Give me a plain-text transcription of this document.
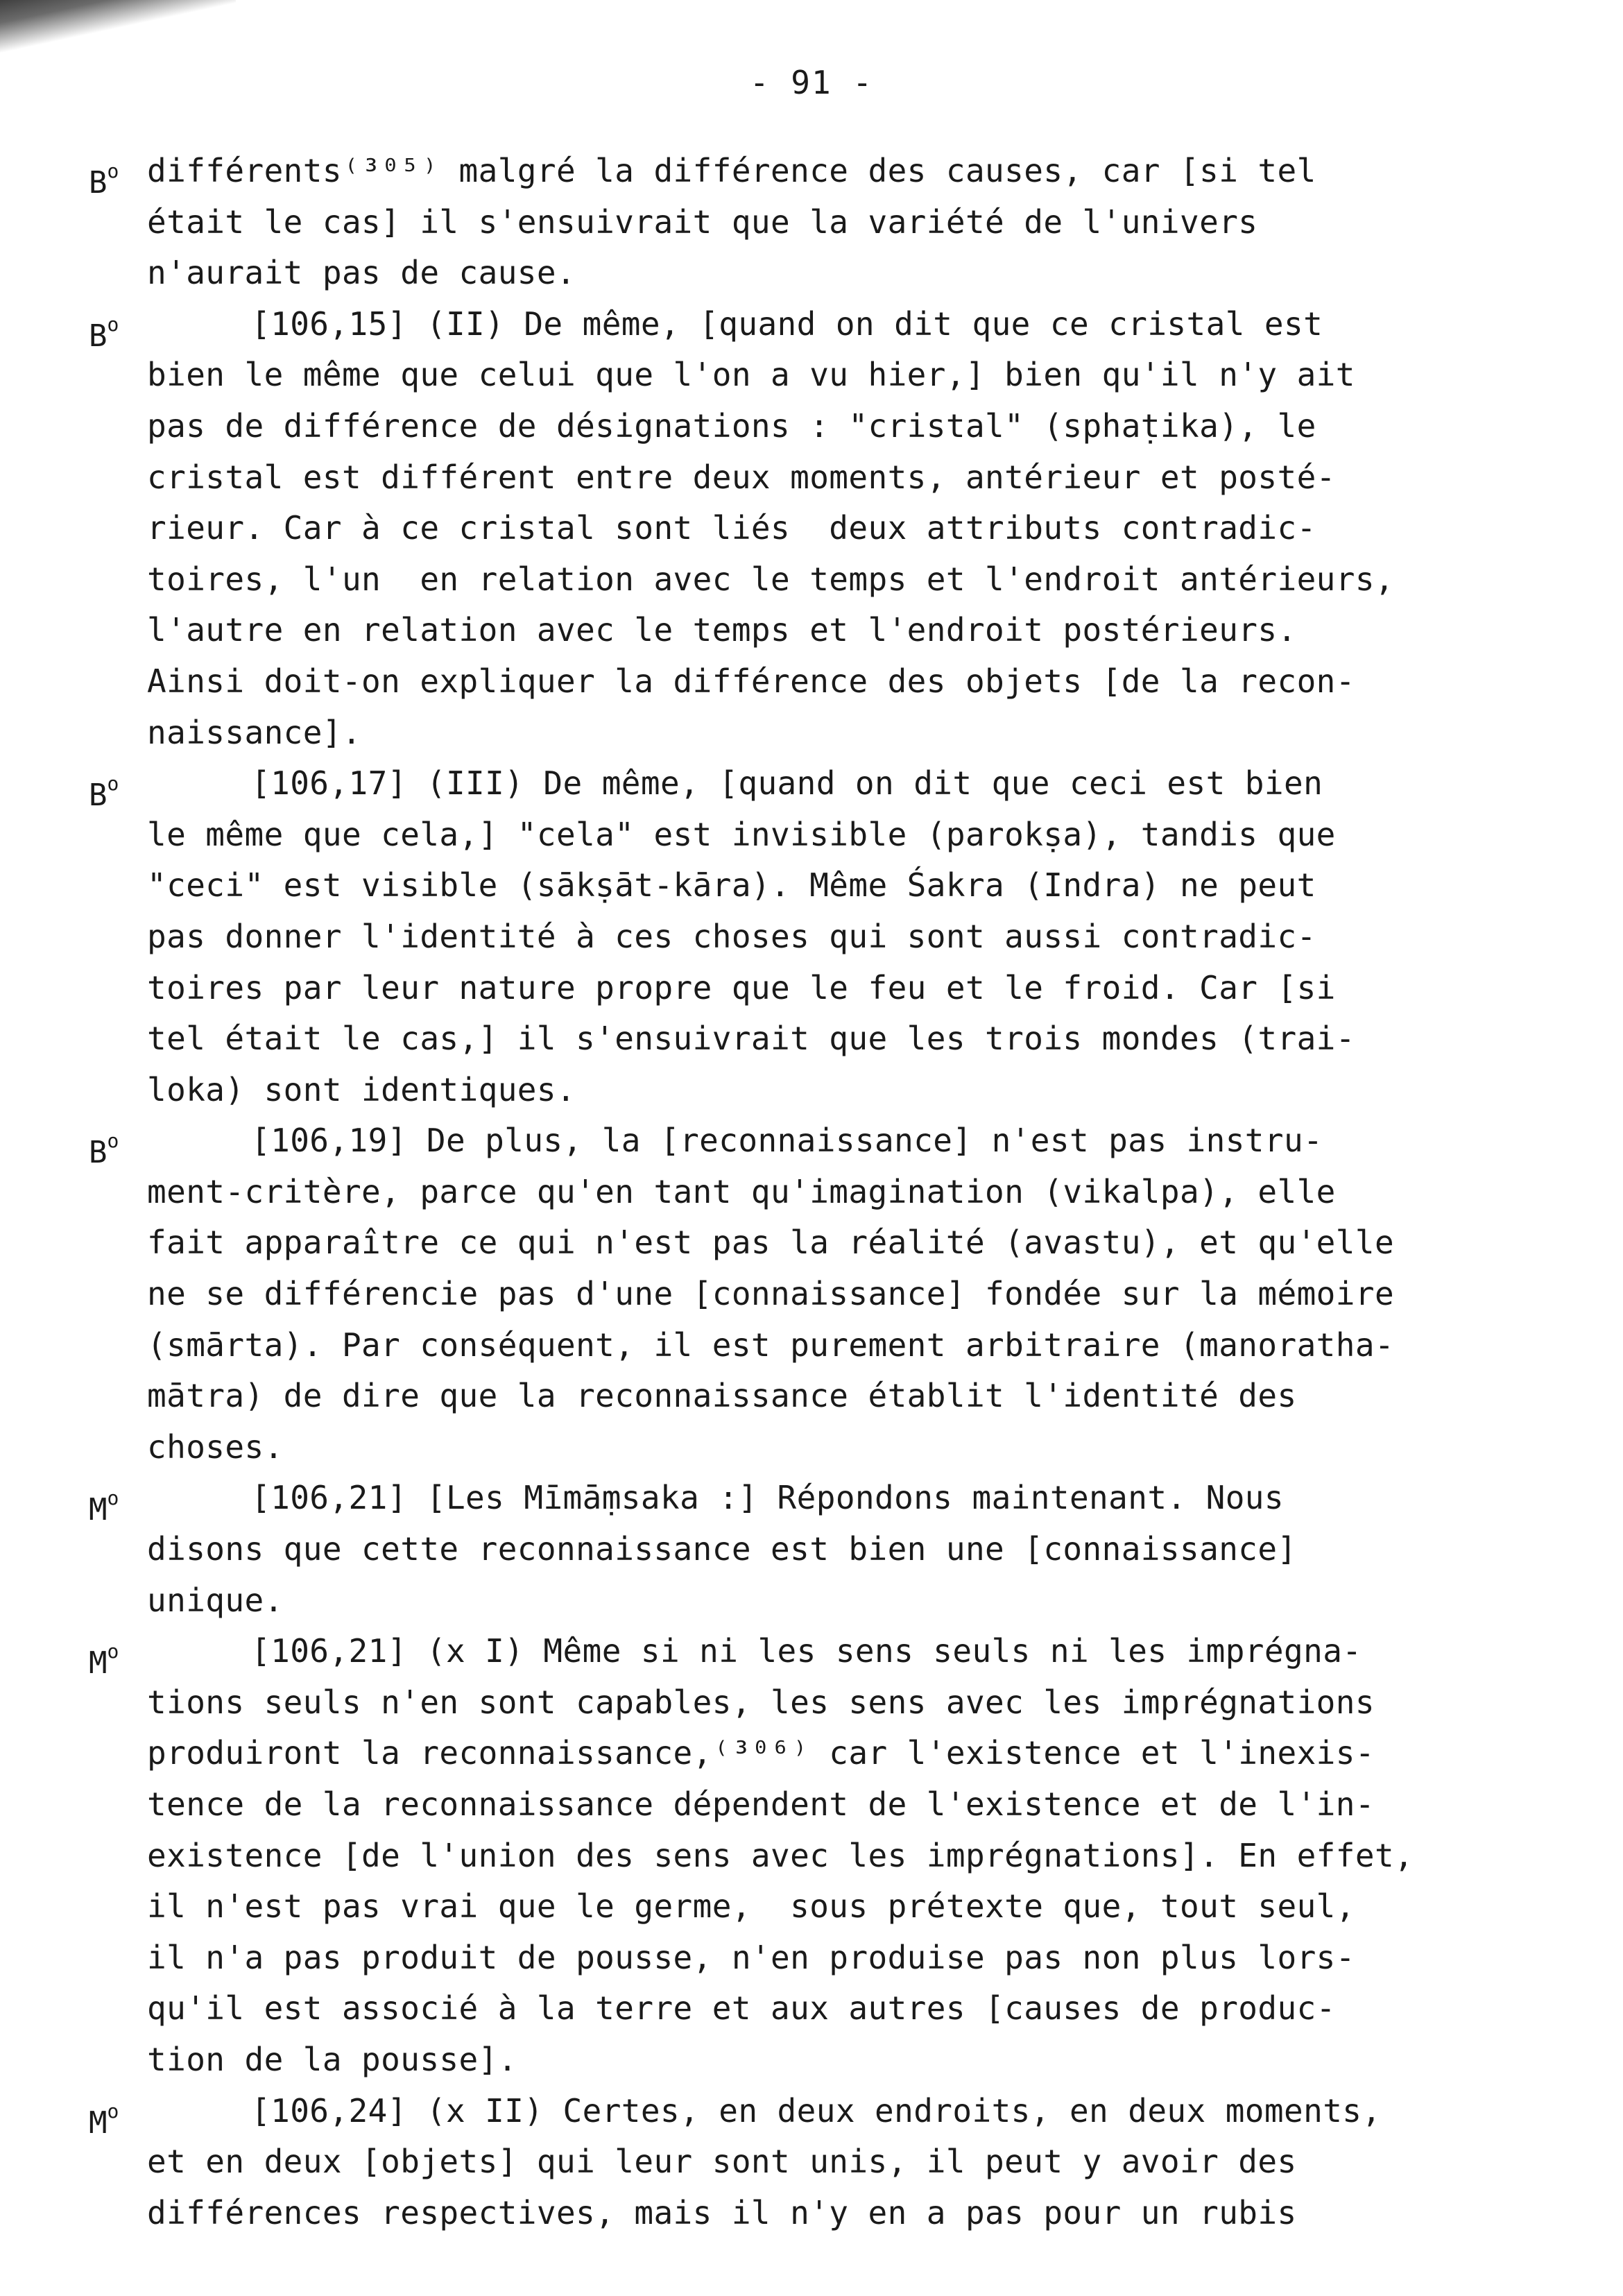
- 91 -
$B^o$ différents⁽³⁰⁵⁾ malgré la différence des causes, car [si tel
était le cas] il s'ensuivrait que la variété de l'univers
n'aurait pas de cause.
$B^o$	[106,15] (II) De même, [quand on dit que ce cristal est
bien le même que celui que l'on a vu hier,] bien qu'il n'y ait
pas de différence de désignations : "cristal" (sphaṭika), le
cristal est différent entre deux moments, antérieur et posté-
rieur. Car à ce cristal sont liés  deux attributs contradic-
toires, l'un  en relation avec le temps et l'endroit antérieurs,
l'autre en relation avec le temps et l'endroit postérieurs.
Ainsi doit-on expliquer la différence des objets [de la recon-
naissance].
$B^o$	[106,17] (III) De même, [quand on dit que ceci est bien
le même que cela,] "cela" est invisible (parokṣa), tandis que
"ceci" est visible (sākṣāt-kāra). Même Śakra (Indra) ne peut
pas donner l'identité à ces choses qui sont aussi contradic-
toires par leur nature propre que le feu et le froid. Car [si
tel était le cas,] il s'ensuivrait que les trois mondes (trai-
loka) sont identiques.
$B^o$	[106,19] De plus, la [reconnaissance] n'est pas instru-
ment-critère, parce qu'en tant qu'imagination (vikalpa), elle
fait apparaître ce qui n'est pas la réalité (avastu), et qu'elle
ne se différencie pas d'une [connaissance] fondée sur la mémoire
(smārta). Par conséquent, il est purement arbitraire (manoratha-
mātra) de dire que la reconnaissance établit l'identité des
choses.
$M^o$	[106,21] [Les Mīmāṃsaka :] Répondons maintenant. Nous
disons que cette reconnaissance est bien une [connaissance]
unique.
$M^o$	[106,21] (x I) Même si ni les sens seuls ni les imprégna-
tions seuls n'en sont capables, les sens avec les imprégnations
produiront la reconnaissance,⁽³⁰⁶⁾ car l'existence et l'inexis-
tence de la reconnaissance dépendent de l'existence et de l'in-
existence [de l'union des sens avec les imprégnations]. En effet,
il n'est pas vrai que le germe,  sous prétexte que, tout seul,
il n'a pas produit de pousse, n'en produise pas non plus lors-
qu'il est associé à la terre et aux autres [causes de produc-
tion de la pousse].
$M^o$	[106,24] (x II) Certes, en deux endroits, en deux moments,
et en deux [objets] qui leur sont unis, il peut y avoir des
différences respectives, mais il n'y en a pas pour un rubis
